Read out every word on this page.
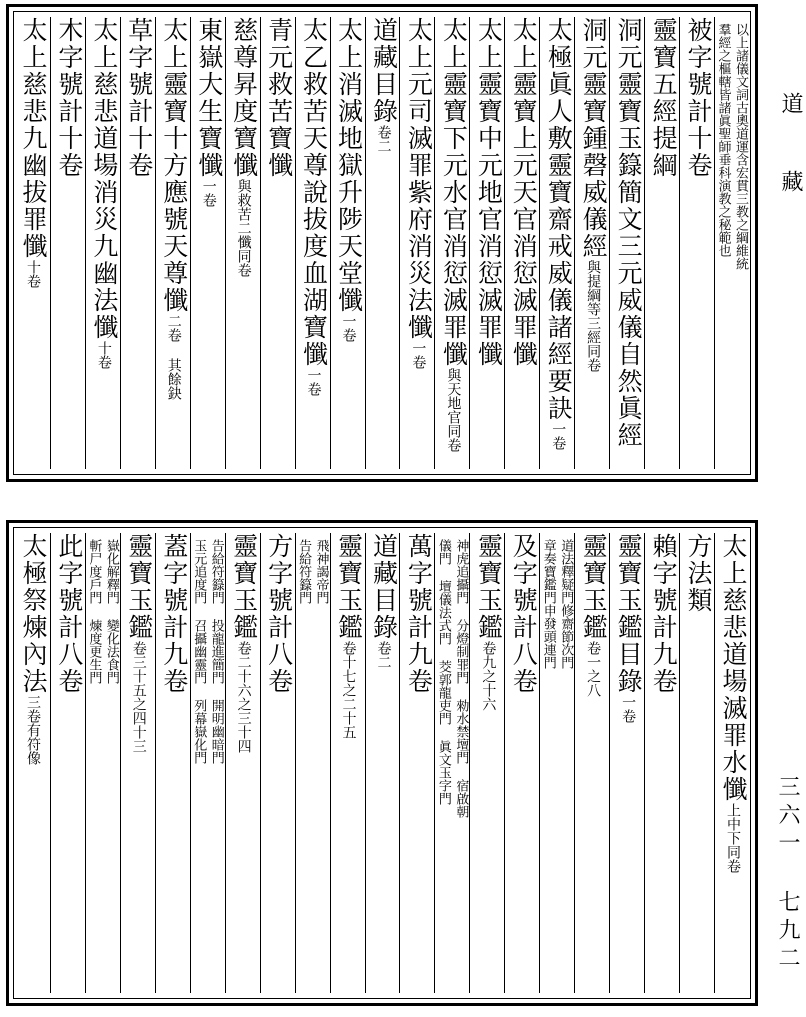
道
藏
三六一 七九二
以上諸儀文詞古奧道運含宏貫三教之綱維統
羣經之樞轄皆諸眞聖師垂科演教之秘範也
被字號計十卷
靈寶五經提綱
洞元靈寶玉籙簡文三元威儀自然眞經
洞元靈寶鍾磬威儀經與提綱等三經同卷
太極眞人敷靈寶齋戒威儀諸經要訣一卷
太上靈寶上元天官消愆滅罪懺
太上靈寶中元地官消愆滅罪懺
太上靈寶下元水官消愆滅罪懺與天地官同卷
太上元司滅罪紫府消災法懺一卷
道藏目錄卷二
太上消滅地獄升陟天堂懺一卷
太乙救苦天尊說拔度血湖寶懺一卷
青元救苦寶懺
慈尊昇度寶懺與救苦二懺同卷
東嶽大生寶懺一卷
太上靈寶十方應號天尊懺二卷 其餘鈌
草字號計十卷
太上慈悲道場消災九幽法懺十卷
木字號計十卷
太上慈悲九幽拔罪懺十卷
太上慈悲道場滅罪水懺上中下同卷
方法類
賴字號計九卷
靈寶玉鑑目錄一卷
靈寶玉鑑卷一之八
道法釋疑門修齋節次門
章奏寶鑑門申發頭連門
及字號計八卷
靈寶玉鑑卷九之十六
神虎追攝門 分燈制罪門 勑水禁壇門 宿啟朝
儀門 壇儀法式門 茭郭龍吏門 眞文玉字門
萬字號計九卷
道藏目錄卷二
靈寶玉鑑卷十七之二十五
飛神謁帝門
告給符籙門
方字號計八卷
靈寶玉鑑卷二十六之三十四
告給符籙門 投龍進簡門 開明幽暗門
玉元追度門 召攝幽靈門 列幕嶽化門
蓋字號計九卷
靈寶玉鑑卷三十五之四十三
嶽化解釋門 變化法食門
斬尸度戶門 煉度更生門
此字號計八卷
太極祭煉內法三卷有符像
